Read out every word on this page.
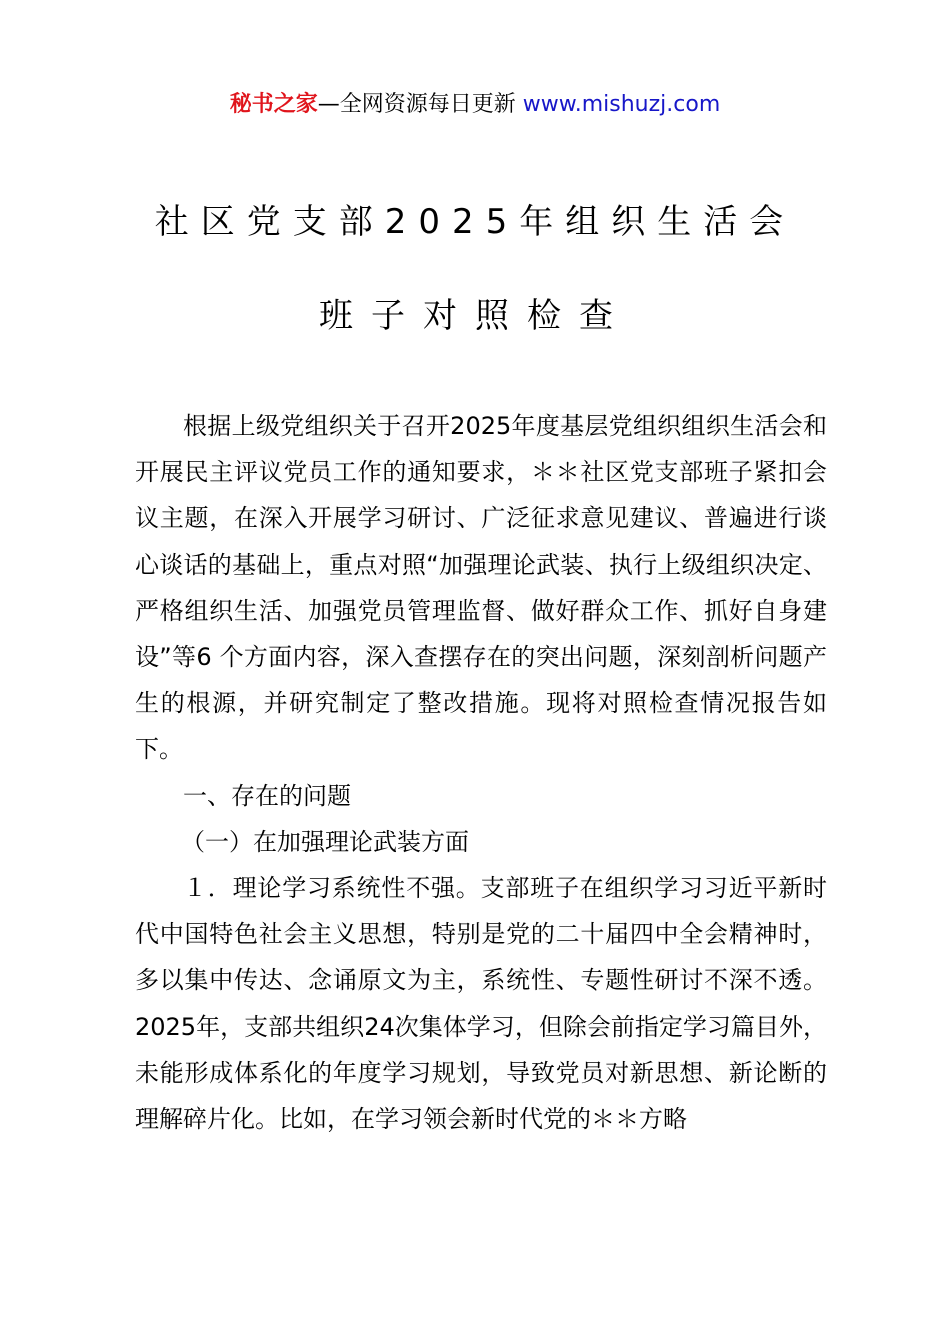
秘书之家—全网资源每日更新 www.mishuzj.com
社区党支部2025年组织生活会
班子对照检查

根据上级党组织关于召开2025年度基层党组织组织生活会和开展民主评议党员工作的通知要求，＊＊社区党支部班子紧扣会议主题，在深入开展学习研讨、广泛征求意见建议、普遍进行谈心谈话的基础上，重点对照“加强理论武装、执行上级组织决定、严格组织生活、加强党员管理监督、做好群众工作、抓好自身建设”等6 个方面内容，深入查摆存在的突出问题，深刻剖析问题产生的根源，并研究制定了整改措施。现将对照检查情况报告如下。

一、存在的问题

（一）在加强理论武装方面

１．理论学习系统性不强。支部班子在组织学习习近平新时代中国特色社会主义思想，特别是党的二十届四中全会精神时，多以集中传达、念诵原文为主，系统性、专题性研讨不深不透。2025年，支部共组织24次集体学习，但除会前指定学习篇目外，未能形成体系化的年度学习规划，导致党员对新思想、新论断的理解碎片化。比如，在学习领会新时代党的＊＊方略
